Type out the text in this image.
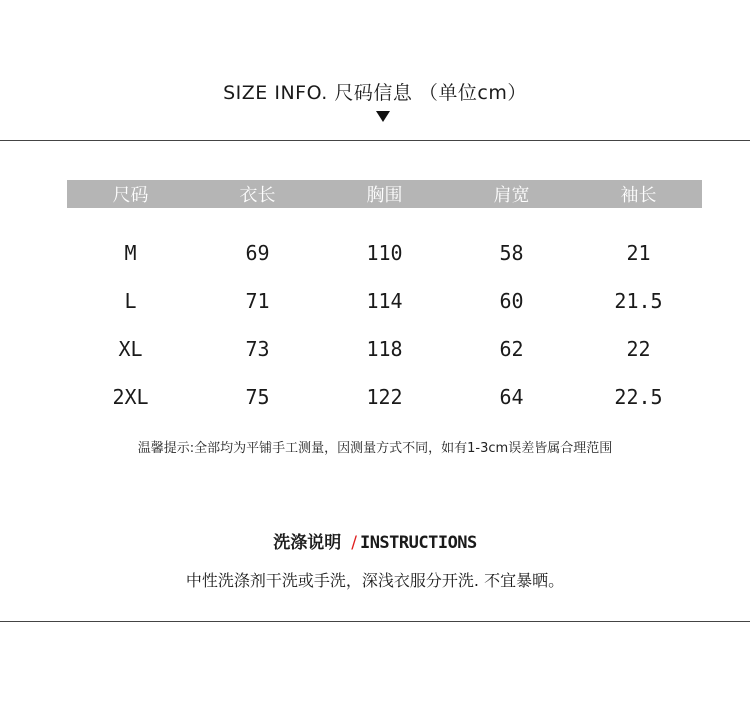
SIZE INFO. 尺码信息 （单位cm）
尺码	衣长	胸围	肩宽	袖长

M	69	110	58	21
L	71	114	60	21.5
XL	73	118	62	22
2XL	75	122	64	22.5
温馨提示:全部均为平铺手工测量，因测量方式不同，如有1-3cm误差皆属合理范围
洗涤说明 / INSTRUCTIONS
中性洗涤剂干洗或手洗，深浅衣服分开洗. 不宜暴晒。
